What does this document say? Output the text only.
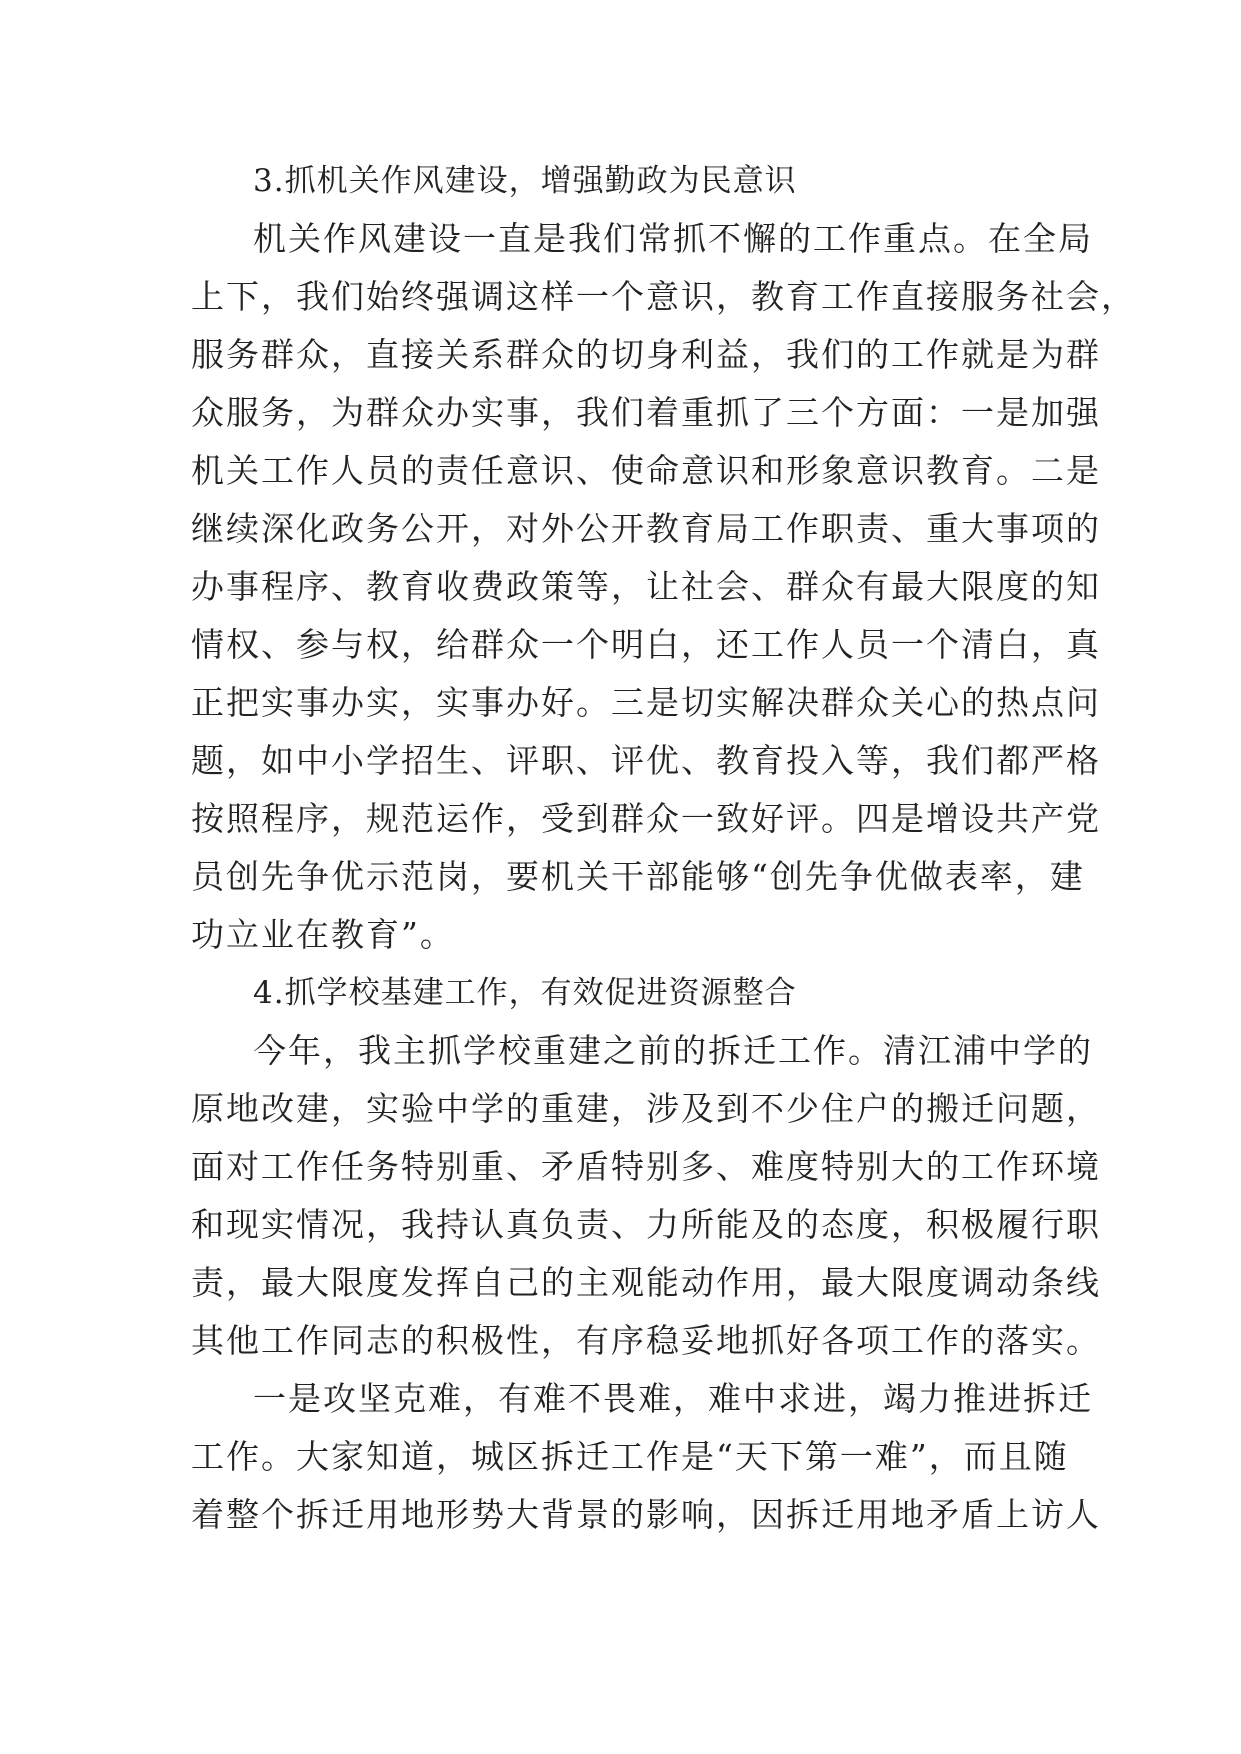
3.抓机关作风建设，增强勤政为民意识
机关作风建设一直是我们常抓不懈的工作重点。在全局
上下，我们始终强调这样一个意识，教育工作直接服务社会，
服务群众，直接关系群众的切身利益，我们的工作就是为群
众服务，为群众办实事，我们着重抓了三个方面：一是加强
机关工作人员的责任意识、使命意识和形象意识教育。二是
继续深化政务公开，对外公开教育局工作职责、重大事项的
办事程序、教育收费政策等，让社会、群众有最大限度的知
情权、参与权，给群众一个明白，还工作人员一个清白，真
正把实事办实，实事办好。三是切实解决群众关心的热点问
题，如中小学招生、评职、评优、教育投入等，我们都严格
按照程序，规范运作，受到群众一致好评。四是增设共产党
员创先争优示范岗，要机关干部能够“创先争优做表率，建
功立业在教育”。
4.抓学校基建工作，有效促进资源整合
今年，我主抓学校重建之前的拆迁工作。清江浦中学的
原地改建，实验中学的重建，涉及到不少住户的搬迁问题，
面对工作任务特别重、矛盾特别多、难度特别大的工作环境
和现实情况，我持认真负责、力所能及的态度，积极履行职
责，最大限度发挥自己的主观能动作用，最大限度调动条线
其他工作同志的积极性，有序稳妥地抓好各项工作的落实。
一是攻坚克难，有难不畏难，难中求进，竭力推进拆迁
工作。大家知道，城区拆迁工作是“天下第一难”，而且随
着整个拆迁用地形势大背景的影响，因拆迁用地矛盾上访人
